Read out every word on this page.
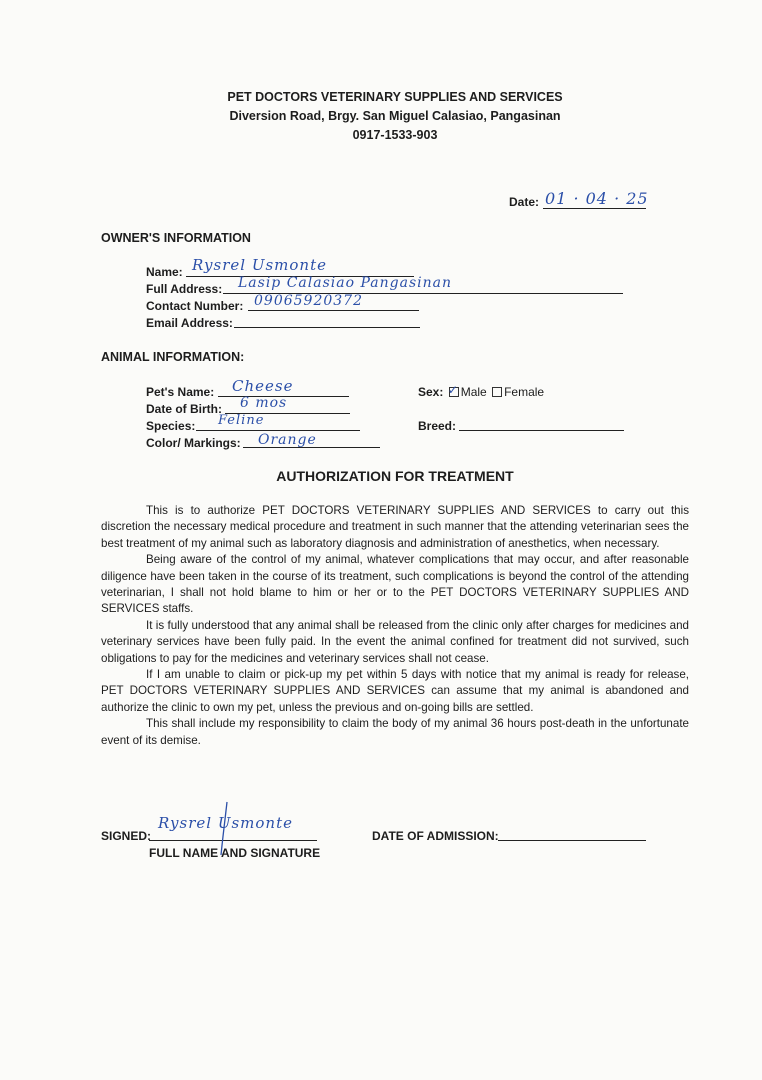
PET DOCTORS VETERINARY SUPPLIES AND SERVICES
Diversion Road, Brgy. San Miguel Calasiao, Pangasinan
0917-1533-903
Date: 01 · 04 · 25
OWNER'S INFORMATION
Name: Rysrel Usmonte
Full Address: Lasip Calasiao Pangasinan
Contact Number: 09065920372
Email Address:
ANIMAL INFORMATION:
Pet's Name: Cheese
Date of Birth: 6 mos
Species: Feline
Color/ Markings: Orange
Sex: ✓ Male Female
Breed:
AUTHORIZATION FOR TREATMENT

This is to authorize PET DOCTORS VETERINARY SUPPLIES AND SERVICES to carry out this discretion the necessary medical procedure and treatment in such manner that the attending veterinarian sees the best treatment of my animal such as laboratory diagnosis and administration of anesthetics, when necessary.

Being aware of the control of my animal, whatever complications that may occur, and after reasonable diligence have been taken in the course of its treatment, such complications is beyond the control of the attending veterinarian, I shall not hold blame to him or her or to the PET DOCTORS VETERINARY SUPPLIES AND SERVICES staffs.

It is fully understood that any animal shall be released from the clinic only after charges for medicines and veterinary services have been fully paid. In the event the animal confined for treatment did not survived, such obligations to pay for the medicines and veterinary services shall not cease.

If I am unable to claim or pick-up my pet within 5 days with notice that my animal is ready for release, PET DOCTORS VETERINARY SUPPLIES AND SERVICES can assume that my animal is abandoned and authorize the clinic to own my pet, unless the previous and on-going bills are settled.

This shall include my responsibility to claim the body of my animal 36 hours post-death in the unfortunate event of its demise.

SIGNED:
Rysrel Usmonte
FULL NAME AND SIGNATURE
DATE OF ADMISSION:
